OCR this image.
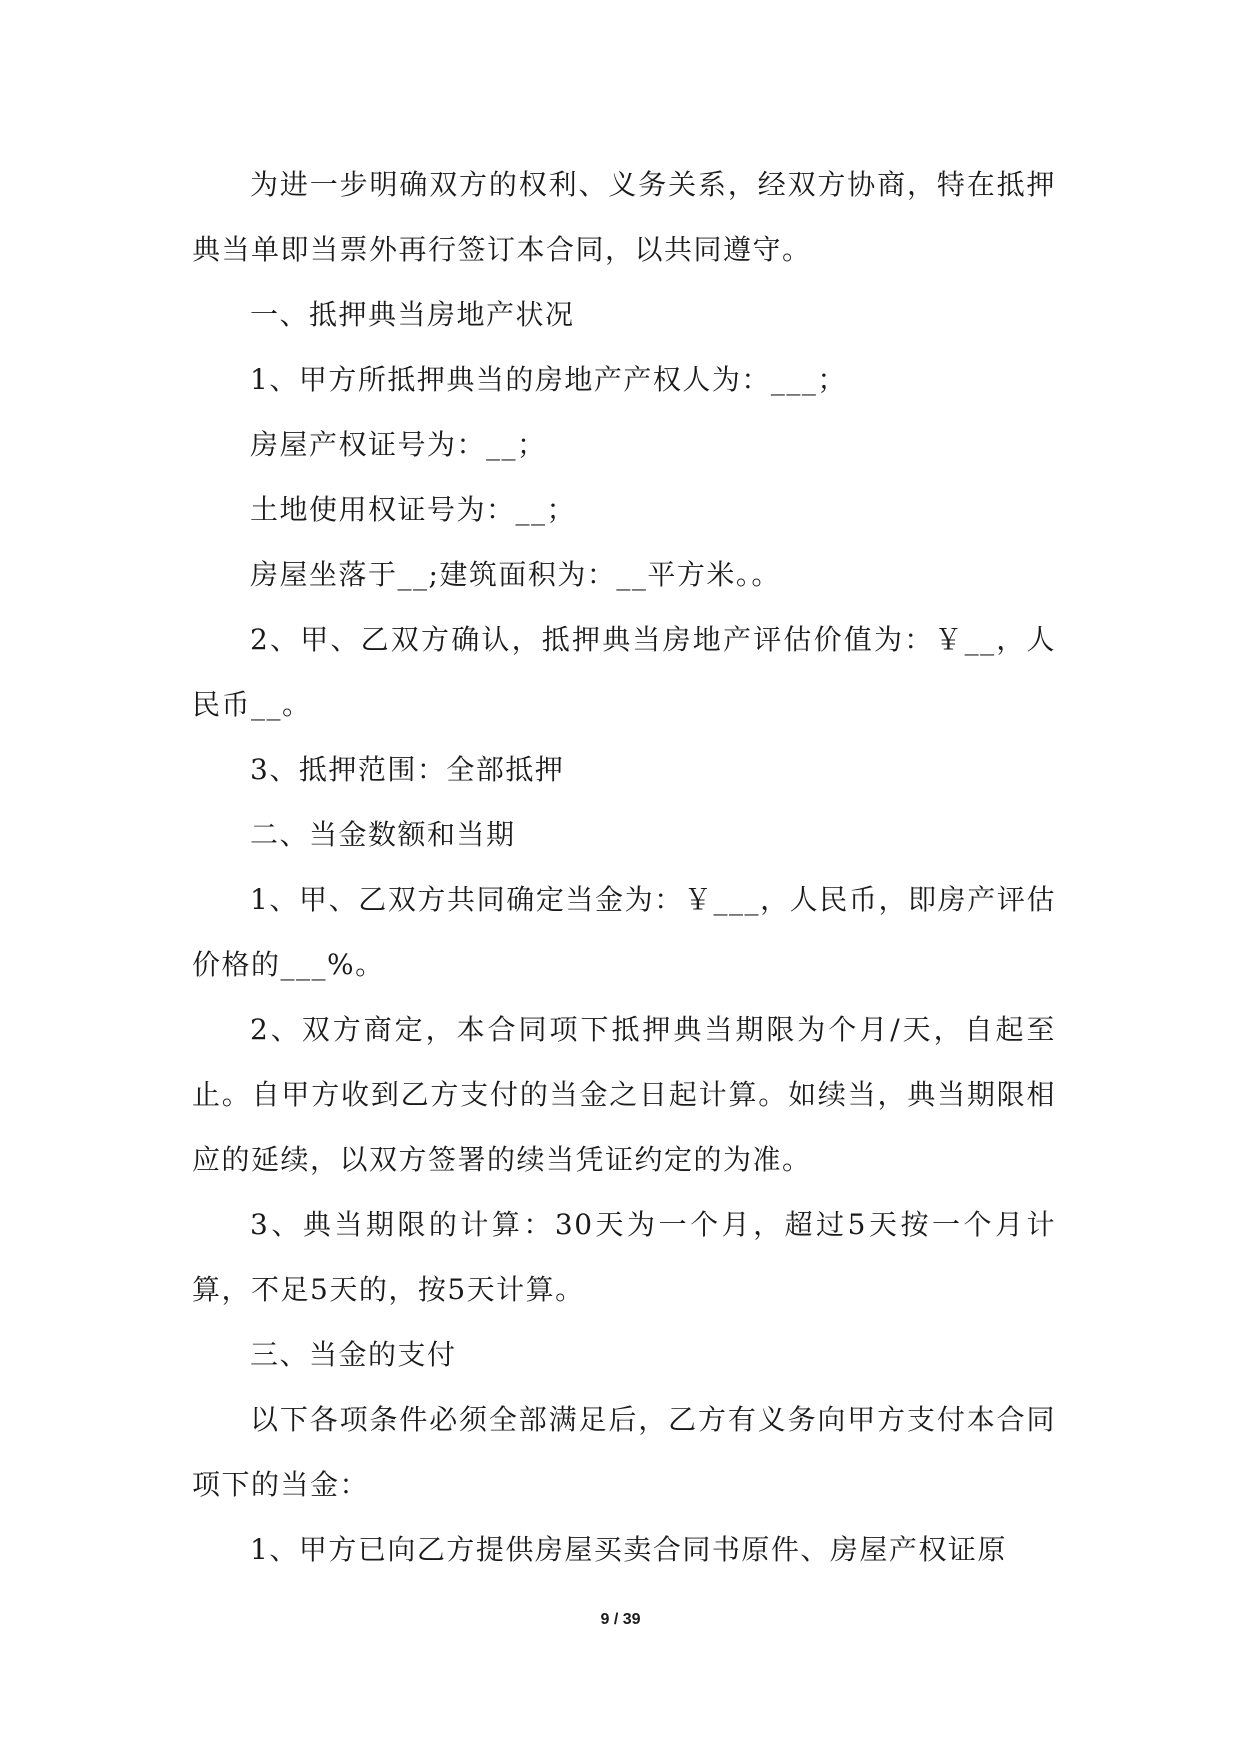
为进一步明确双方的权利、义务关系，经双方协商，特在抵押典当单即当票外再行签订本合同，以共同遵守。

一、抵押典当房地产状况

1、甲方所抵押典当的房地产产权人为：___；

房屋产权证号为：__；

土地使用权证号为：__；

房屋坐落于__;建筑面积为：__平方米。。

2、甲、乙双方确认，抵押典当房地产评估价值为：￥__，人民币__。

3、抵押范围：全部抵押

二、当金数额和当期

1、甲、乙双方共同确定当金为：￥___，人民币，即房产评估价格的___%。

2、双方商定，本合同项下抵押典当期限为个月/天，自起至止。自甲方收到乙方支付的当金之日起计算。如续当，典当期限相应的延续，以双方签署的续当凭证约定的为准。

3、典当期限的计算：30天为一个月，超过5天按一个月计算，不足5天的，按5天计算。

三、当金的支付

以下各项条件必须全部满足后，乙方有义务向甲方支付本合同项下的当金：

1、甲方已向乙方提供房屋买卖合同书原件、房屋产权证原

9 / 39
